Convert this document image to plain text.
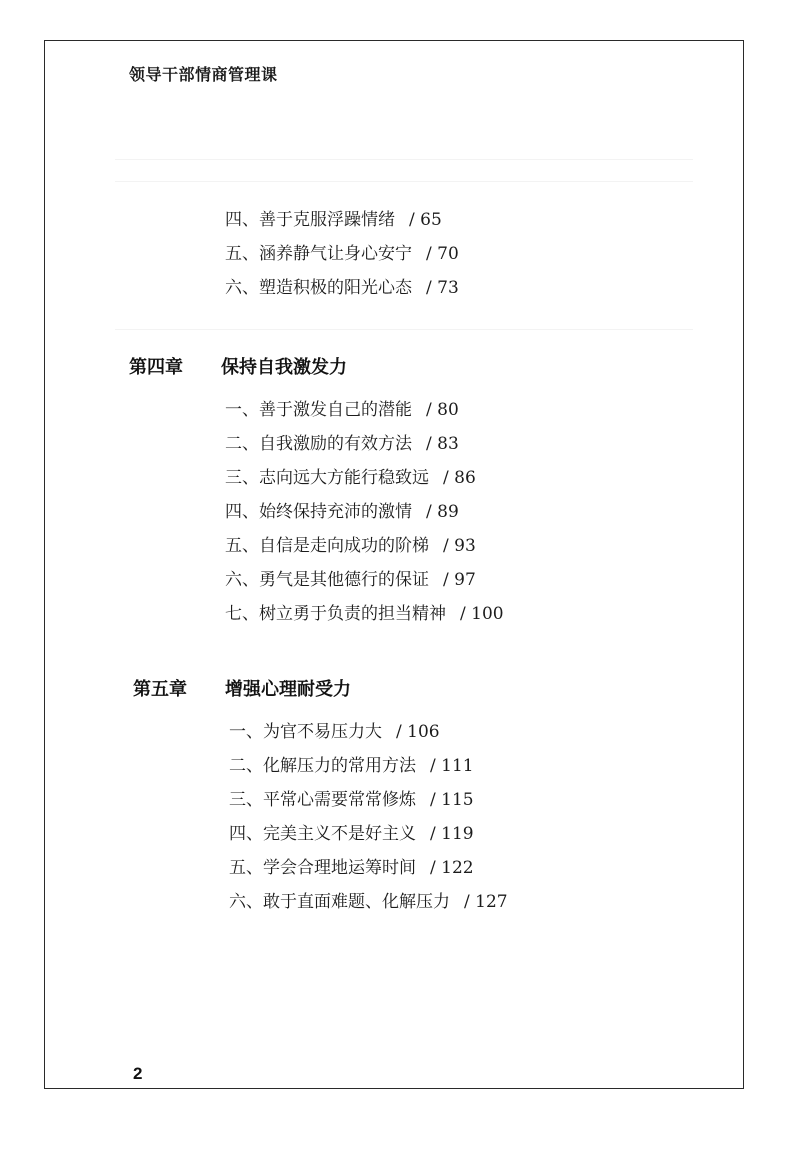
领导干部情商管理课
四、善于克服浮躁情绪 / 65
五、涵养静气让身心安宁 / 70
六、塑造积极的阳光心态 / 73
第四章 保持自我激发力
一、善于激发自己的潜能 / 80
二、自我激励的有效方法 / 83
三、志向远大方能行稳致远 / 86
四、始终保持充沛的激情 / 89
五、自信是走向成功的阶梯 / 93
六、勇气是其他德行的保证 / 97
七、树立勇于负责的担当精神 / 100
第五章 增强心理耐受力
一、为官不易压力大 / 106
二、化解压力的常用方法 / 111
三、平常心需要常常修炼 / 115
四、完美主义不是好主义 / 119
五、学会合理地运筹时间 / 122
六、敢于直面难题、化解压力 / 127
2
